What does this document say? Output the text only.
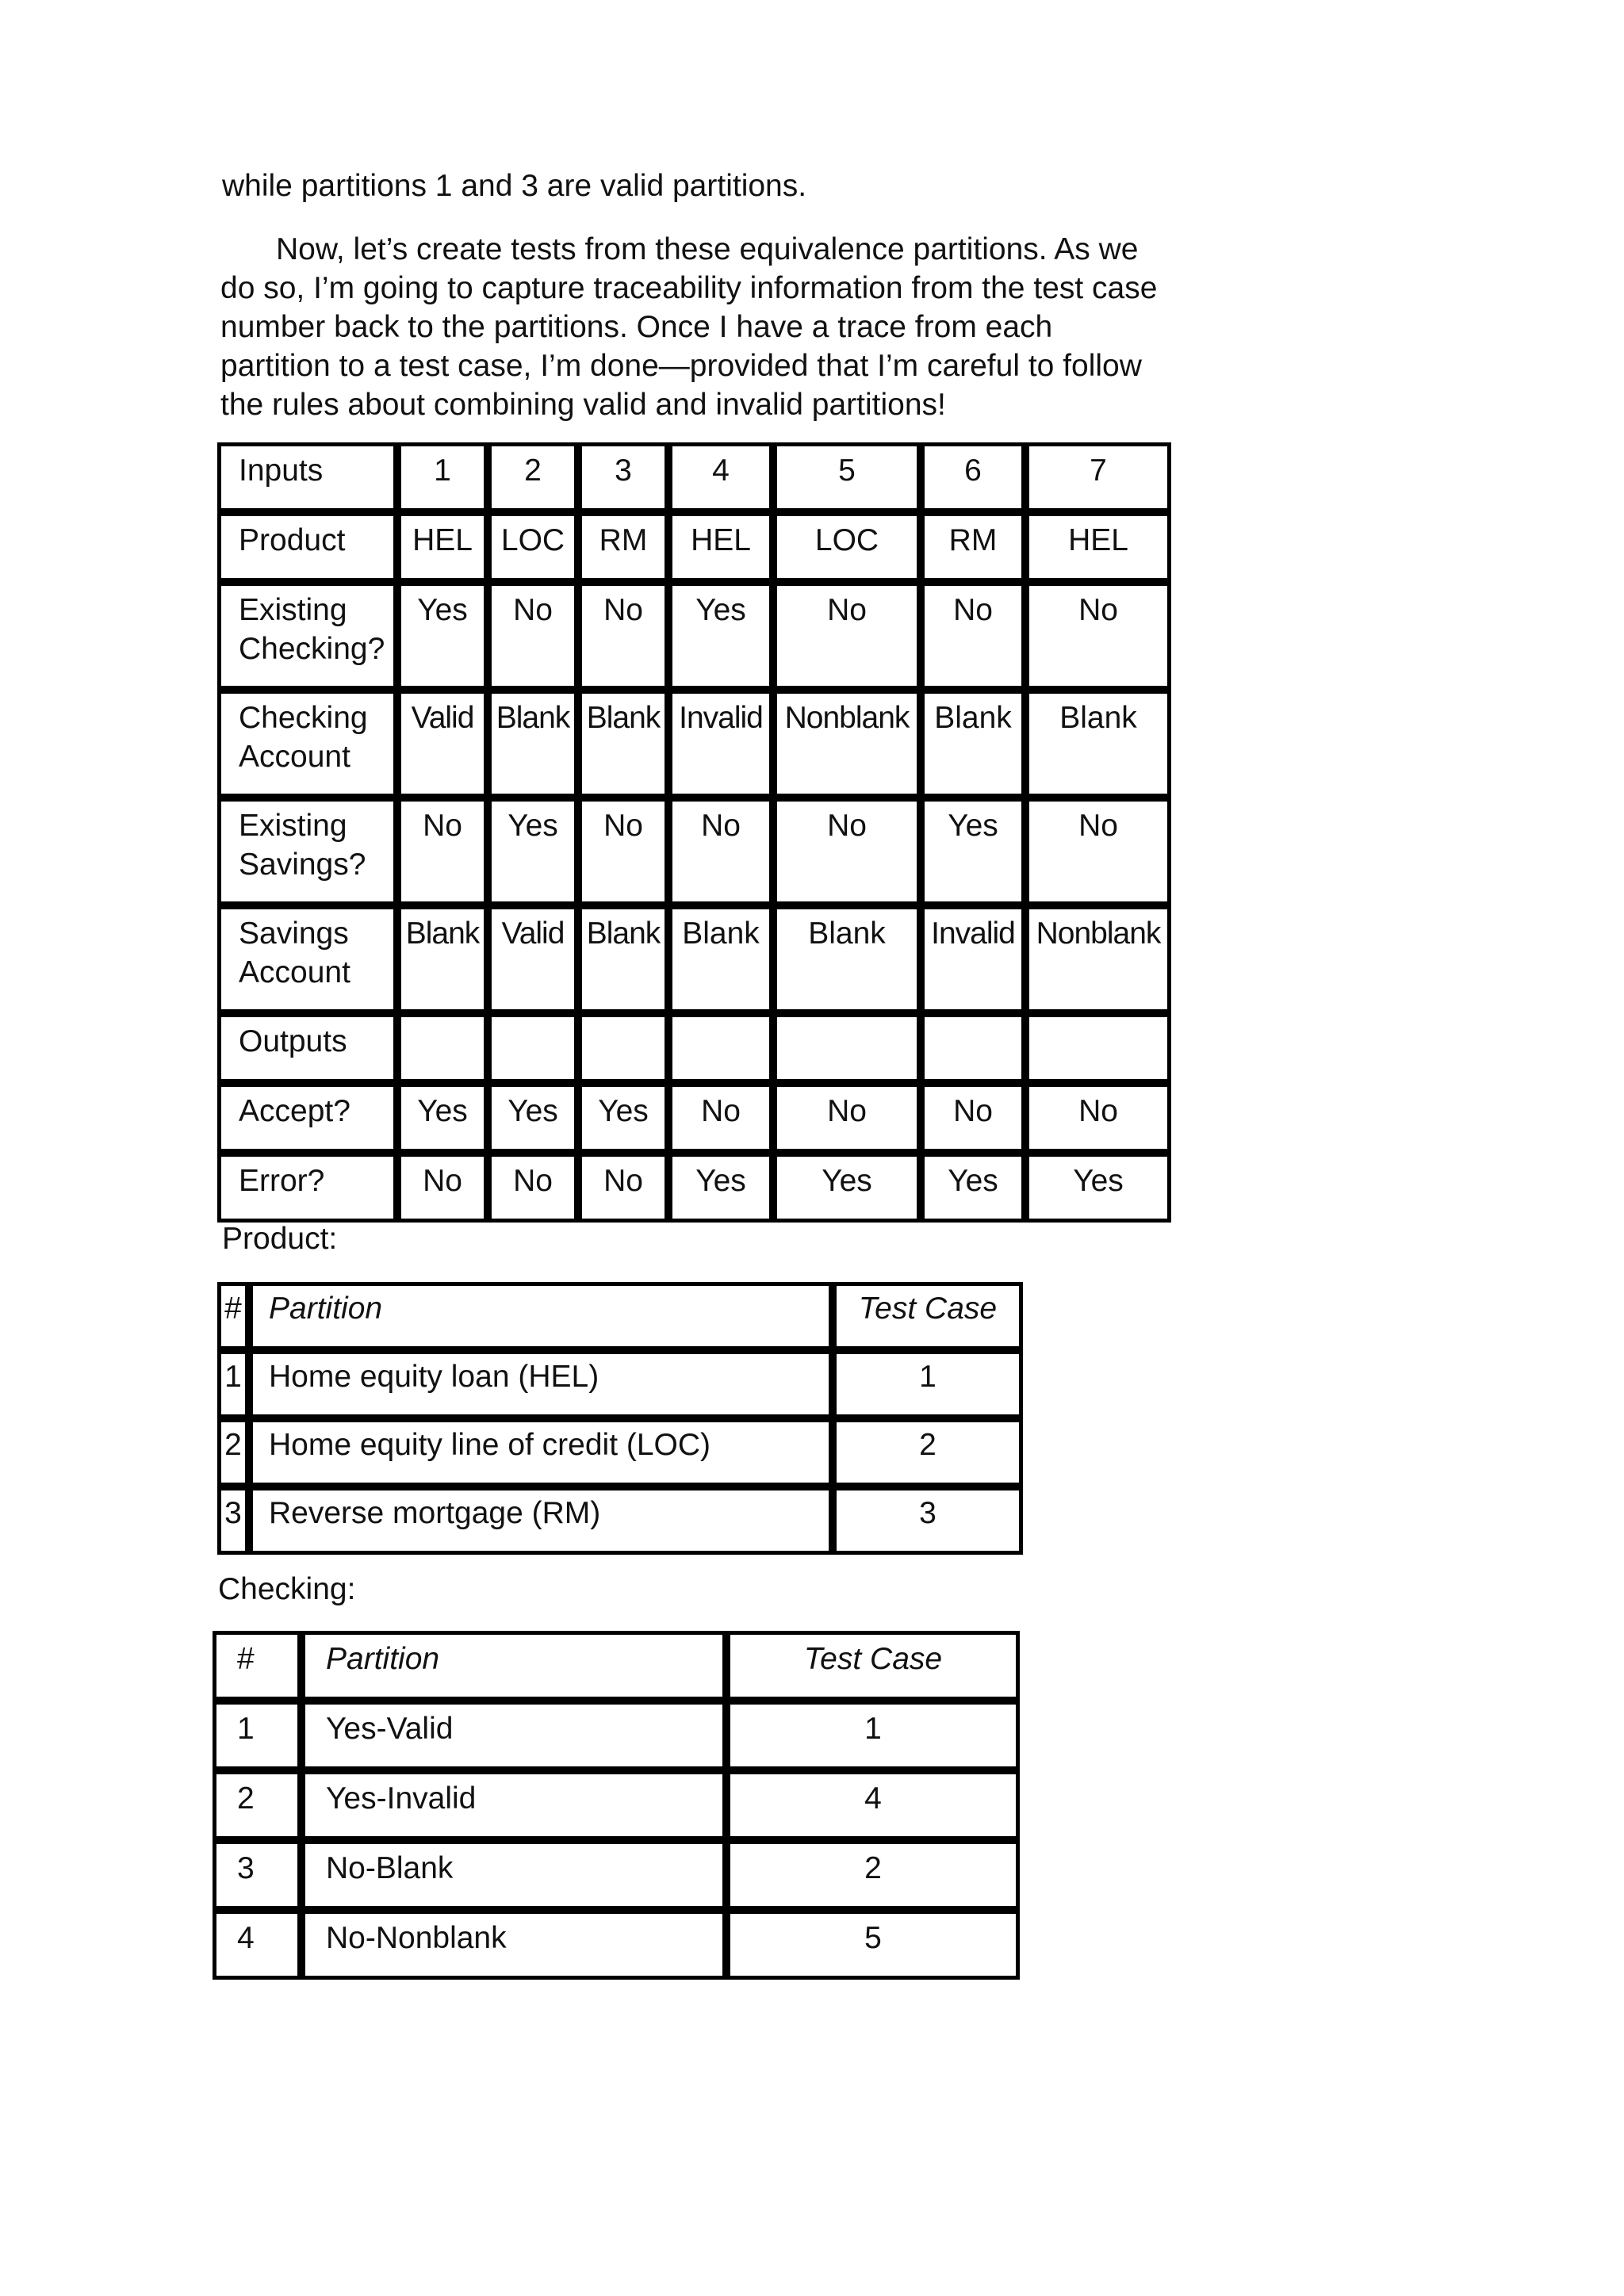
while partitions 1 and 3 are valid partitions.

Now, let’s create tests from these equivalence partitions. As we
do so, I’m going to capture traceability information from the test case
number back to the partitions. Once I have a trace from each
partition to a test case, I’m done—provided that I’m careful to follow
the rules about combining valid and invalid partitions!
Inputs	1	2	3	4	5	6	7
Product	HEL	LOC	RM	HEL	LOC	RM	HEL
Existing Checking?	Yes	No	No	Yes	No	No	No
Checking Account	Valid	Blank	Blank	Invalid	Nonblank	Blank	Blank
Existing Savings?	No	Yes	No	No	No	Yes	No
Savings Account	Blank	Valid	Blank	Blank	Blank	Invalid	Nonblank
Outputs							
Accept?	Yes	Yes	Yes	No	No	No	No
Error?	No	No	No	Yes	Yes	Yes	Yes
Product:
#	Partition	Test Case
1	Home equity loan (HEL)	1
2	Home equity line of credit (LOC)	2
3	Reverse mortgage (RM)	3
Checking:
#	Partition	Test Case
1	Yes-Valid	1
2	Yes-Invalid	4
3	No-Blank	2
4	No-Nonblank	5
